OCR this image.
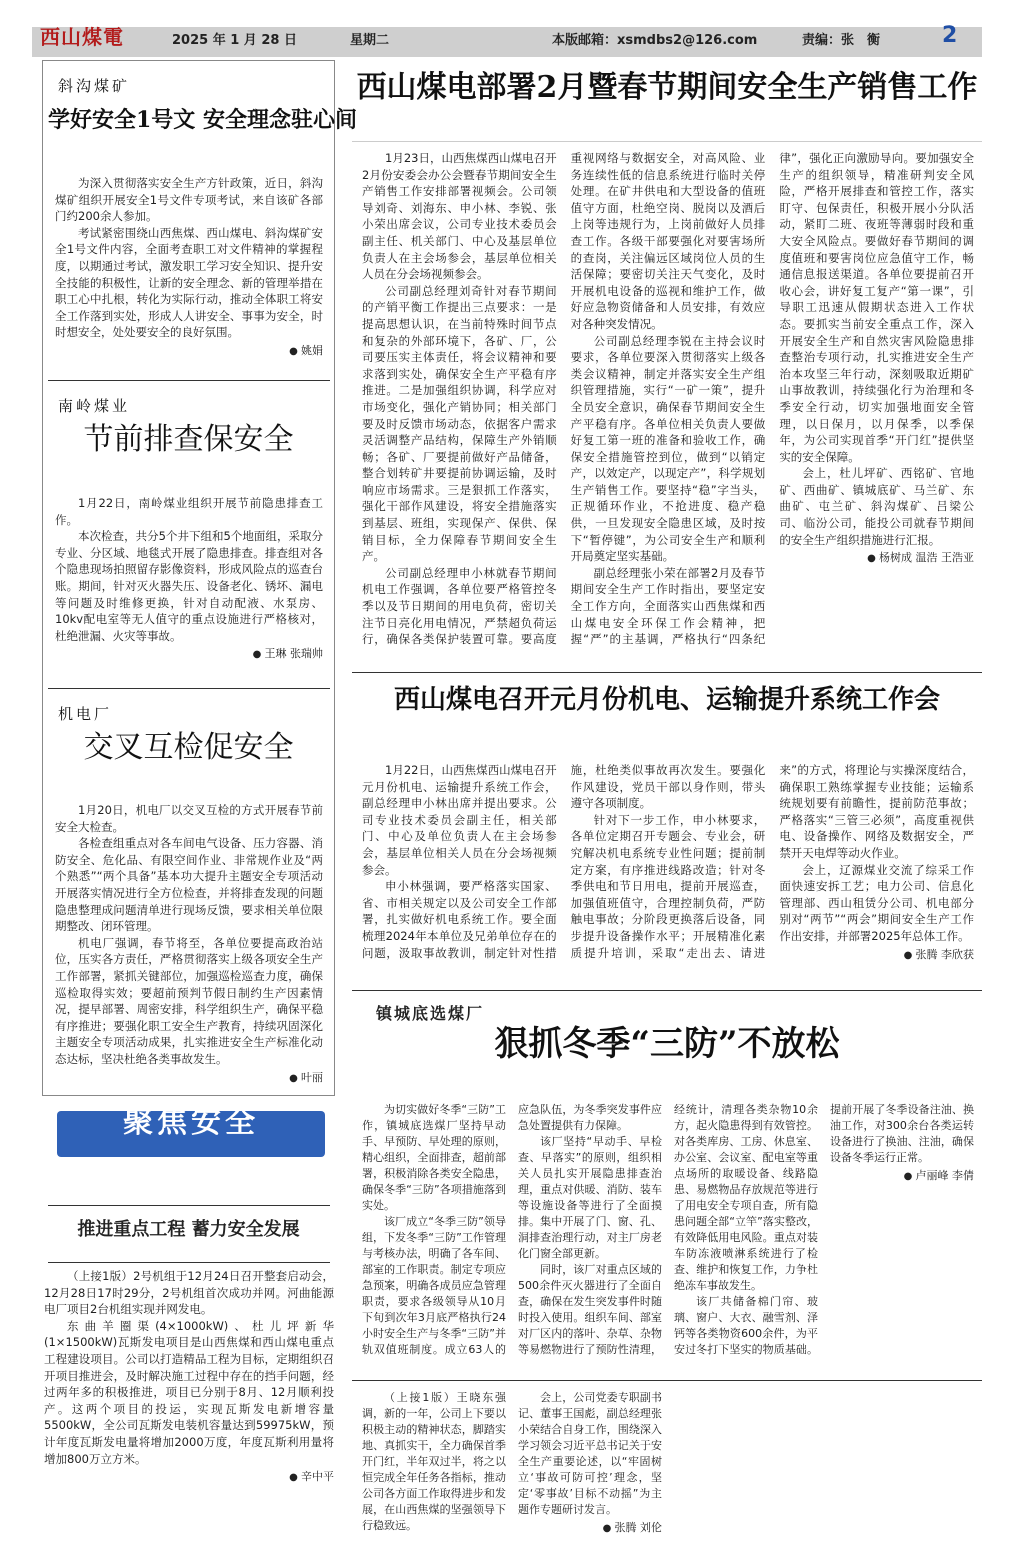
西山煤電	2025 年 1 月 28 日	星期二	本版邮箱：xsmdbs2@126.com	责编：张　衡	2
斜沟煤矿
学好安全1号文 安全理念驻心间

为深入贯彻落实安全生产方针政策，近日，斜沟煤矿组织开展安全1号文件专项考试，来自该矿各部门约200余人参加。

考试紧密围绕山西焦煤、西山煤电、斜沟煤矿安全1号文件内容，全面考查职工对文件精神的掌握程度，以期通过考试，激发职工学习安全知识、提升安全技能的积极性，让新的安全理念、新的管理举措在职工心中扎根，转化为实际行动，推动全体职工将安全工作落到实处，形成人人讲安全、事事为安全，时时想安全，处处要安全的良好氛围。

● 姚娟

南岭煤业
节前排查保安全

1月22日，南岭煤业组织开展节前隐患排查工作。

本次检查，共分5个井下组和5个地面组，采取分专业、分区域、地毯式开展了隐患排查。排查组对各个隐患现场拍照留存影像资料，形成风险点的巡查台账。期间，针对灭火器失压、设备老化、锈坏、漏电等问题及时维修更换，针对自动配液、水泵房、10kv配电室等无人值守的重点设施进行严格核对，杜绝泄漏、火灾等事故。

● 王琳 张瑞帅

机电厂
交叉互检促安全

1月20日，机电厂以交叉互检的方式开展春节前安全大检查。

各检查组重点对各车间电气设备、压力容器、消防安全、危化品、有限空间作业、非常规作业及“两个熟悉”“两个具备”基本功大提升主题安全专项活动开展落实情况进行全方位检查，并将排查发现的问题隐患整理成问题清单进行现场反馈，要求相关单位限期整改、闭环管理。

机电厂强调，春节将至，各单位要提高政治站位，压实各方责任，严格贯彻落实上级各项安全生产工作部署，紧抓关键部位，加强巡检巡查力度，确保巡检取得实效；要超前预判节假日制约生产因素情况，提早部署、周密安排，科学组织生产，确保平稳有序推进；要强化职工安全生产教育，持续巩固深化主题安全专项活动成果，扎实推进安全生产标准化动态达标，坚决杜绝各类事故发生。

● 叶丽

聚焦安全
推进重点工程 蓄力安全发展

（上接1版）2号机组于12月24日召开整套启动会，12月28日17时29分，2号机组首次成功并网。河曲能源电厂项目2台机组实现并网发电。

东曲羊圈渠(4×1000kW)、杜儿坪新华(1×1500kW)瓦斯发电项目是山西焦煤和西山煤电重点工程建设项目。公司以打造精品工程为目标，定期组织召开项目推进会，及时解决施工过程中存在的挡手问题，经过两年多的积极推进，项目已分别于8月、12月顺利投产。这两个项目的投运，实现瓦斯发电新增容量5500kW，全公司瓦斯发电装机容量达到59975kW，预计年度瓦斯发电量将增加2000万度，年度瓦斯利用量将增加800万立方米。

● 辛中平

西山煤电部署2月暨春节期间安全生产销售工作

1月23日，山西焦煤西山煤电召开2月份安委会办公会暨春节期间安全生产销售工作安排部署视频会。公司领导刘奇、刘海东、申小林、李锐、张小荣出席会议，公司专业技术委员会副主任、机关部门、中心及基层单位负责人在主会场参会，基层单位相关人员在分会场视频参会。

公司副总经理刘奇针对春节期间的产销平衡工作提出三点要求：一是提高思想认识，在当前特殊时间节点和复杂的外部环境下，各矿、厂，公司要压实主体责任，将会议精神和要求落到实处，确保安全生产平稳有序推进。二是加强组织协调，科学应对市场变化，强化产销协同；相关部门要及时反馈市场动态，依据客户需求灵活调整产品结构，保障生产外销顺畅；各矿、厂要提前做好产品储备，整合划转矿井要提前协调运输，及时响应市场需求。三是狠抓工作落实，强化干部作风建设，将安全措施落实到基层、班组，实现保产、保供、保销目标，全力保障春节期间安全生产。

公司副总经理申小林就春节期间机电工作强调，各单位要严格管控冬季以及节日期间的用电负荷，密切关注节日亮化用电情况，严禁超负荷运行，确保各类保护装置可靠。要高度重视网络与数据安全，对高风险、业务连续性低的信息系统进行临时关停处理。在矿井供电和大型设备的值班值守方面，杜绝空岗、脱岗以及酒后上岗等违规行为，上岗前做好人员排查工作。各级干部要强化对要害场所的查岗，关注偏远区域岗位人员的生活保障；要密切关注天气变化，及时开展机电设备的巡视和维护工作，做好应急物资储备和人员安排，有效应对各种突发情况。

公司副总经理李锐在主持会议时要求，各单位要深入贯彻落实上级各类会议精神，制定并落实安全生产组织管理措施，实行“一矿一策”，提升全员安全意识，确保春节期间安全生产平稳有序。各单位相关负责人要做好复工第一班的准备和验收工作，确保安全措施管控到位，做到“以销定产，以效定产，以现定产”，科学规划生产销售工作。要坚持“稳”字当头，正规循环作业，不抢进度、稳产稳供，一旦发现安全隐患区域，及时按下“暂停键”，为公司安全生产和顺利开局奠定坚实基础。

副总经理张小荣在部署2月及春节期间安全生产工作时指出，要坚定安全工作方向，全面落实山西焦煤和西山煤电安全环保工作会精神，把握“严”的主基调，严格执行“四条纪律”，强化正向激励导向。要加强安全生产的组织领导，精准研判安全风险，严格开展排查和管控工作，落实盯守、包保责任，积极开展小分队活动，紧盯二班、夜班等薄弱时段和重大安全风险点。要做好春节期间的调度值班和要害岗位应急值守工作，畅通信息报送渠道。各单位要提前召开收心会，讲好复工复产“第一课”，引导职工迅速从假期状态进入工作状态。要抓实当前安全重点工作，深入开展安全生产和自然灾害风险隐患排查整治专项行动，扎实推进安全生产治本攻坚三年行动，深刻吸取近期矿山事故教训，持续强化行为治理和冬季安全行动，切实加强地面安全管理，以日保月，以月保季，以季保年，为公司实现首季“开门红”提供坚实的安全保障。

会上，杜儿坪矿、西铭矿、官地矿、西曲矿、镇城底矿、马兰矿、东曲矿、屯兰矿、斜沟煤矿、吕梁公司、临汾公司，能投公司就春节期间的安全生产组织措施进行汇报。

● 杨树成 温浩 王浩亚

西山煤电召开元月份机电、运输提升系统工作会

1月22日，山西焦煤西山煤电召开元月份机电、运输提升系统工作会，副总经理申小林出席并提出要求。公司专业技术委员会副主任，相关部门、中心及单位负责人在主会场参会，基层单位相关人员在分会场视频参会。

申小林强调，要严格落实国家、省、市相关规定以及公司安全工作部署，扎实做好机电系统工作。要全面梳理2024年本单位及兄弟单位存在的问题，汲取事故教训，制定针对性措施，杜绝类似事故再次发生。要强化作风建设，党员干部以身作则，带头遵守各项制度。

针对下一步工作，申小林要求，各单位定期召开专题会、专业会，研究解决机电系统专业性问题；提前制定方案，有序推进线路改造；针对冬季供电和节日用电，提前开展巡查，加强值班值守，合理控制负荷，严防触电事故；分阶段更换落后设备，同步提升设备操作水平；开展精准化素质提升培训，采取“走出去、请进来”的方式，将理论与实操深度结合，确保职工熟练掌握专业技能；运输系统规划要有前瞻性，提前防范事故；严格落实“三管三必须”，高度重视供电、设备操作、网络及数据安全，严禁开天电焊等动火作业。

会上，辽源煤业交流了综采工作面快速安拆工艺；电力公司、信息化管理部、西山租赁分公司、机电部分别对“两节”“两会”期间安全生产工作作出安排，并部署2025年总体工作。

● 张腾 李欣获

镇城底选煤厂
狠抓冬季“三防”不放松

为切实做好冬季“三防”工作，镇城底选煤厂坚持早动手、早预防、早处理的原则，精心组织，全面排查，超前部署，积极消除各类安全隐患，确保冬季“三防”各项措施落到实处。

该厂成立“冬季三防”领导组，下发冬季“三防”工作管理与考核办法，明确了各车间、部室的工作职责。制定专项应急预案，明确各成员应急管理职责，要求各级领导从10月下旬到次年3月底严格执行24小时安全生产与冬季“三防”并轨双值班制度。成立63人的应急队伍，为冬季突发事件应急处置提供有力保障。

该厂坚持“早动手、早检查、早落实”的原则，组织相关人员扎实开展隐患排查治理，重点对供暖、消防、装车等设施设备等进行了全面摸排。集中开展了门、窗、孔、洞排查治理行动，对主厂房老化门窗全部更新。

同时，该厂对重点区域的500余件灭火器进行了全面自查，确保在发生突发事件时随时投入使用。组织车间、部室对厂区内的落叶、杂草、杂物等易燃物进行了预防性清理，经统计，清理各类杂物10余方，起火隐患得到有效管控。对各类库房、工房、休息室、办公室、会议室、配电室等重点场所的取暖设备、线路隐患、易燃物品存放规范等进行了用电安全专项自查，所有隐患问题全部“立竿”落实整改，有效降低用电风险。重点对装车防冻液喷淋系统进行了检查、维护和恢复工作，力争杜绝冻车事故发生。

该厂共储备棉门帘、玻璃、窗户、大衣、融雪剂、泽钙等各类物资600余件，为平安过冬打下坚实的物质基础。提前开展了冬季设备注油、换油工作，对300余台各类运转设备进行了换油、注油，确保设备冬季运行正常。

● 卢丽峰 李倩

（上接1版）王晓东强调，新的一年，公司上下要以积极主动的精神状态，脚踏实地、真抓实干，全力确保首季开门红，半年双过半，将之以恒完成全年任务各指标，推动公司各方面工作取得进步和发展，在山西焦煤的坚强领导下行稳致远。

会上，公司党委专职副书记、董事王国彪，副总经理张小荣结合自身工作，围绕深入学习领会习近平总书记关于安全生产重要论述，以“牢固树立‘事故可防可控’理念，坚定‘零事故’目标不动摇”为主题作专题研讨发言。

● 张腾 刘伦
